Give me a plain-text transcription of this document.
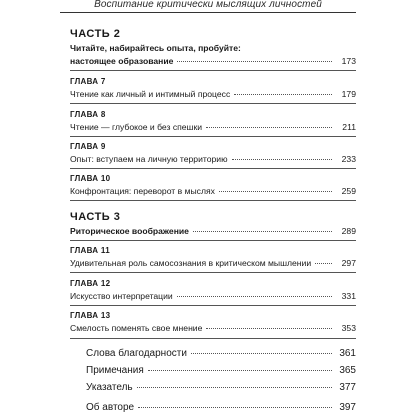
Воспитание критически мыслящих личностей
ЧАСТЬ 2
Читайте, набирайтесь опыта, пробуйте:
настоящее образование	173
ГЛАВА 7
Чтение как личный и интимный процесс	179
ГЛАВА 8
Чтение — глубокое и без спешки	211
ГЛАВА 9
Опыт: вступаем на личную территорию	233
ГЛАВА 10
Конфронтация: переворот в мыслях	259
ЧАСТЬ 3
Риторическое воображение	289
ГЛАВА 11
Удивительная роль самосознания в критическом мышлении	297
ГЛАВА 12
Искусство интерпретации	331
ГЛАВА 13
Смелость поменять свое мнение	353
Слова благодарности	361
Примечания	365
Указатель	377
Об авторе	397
